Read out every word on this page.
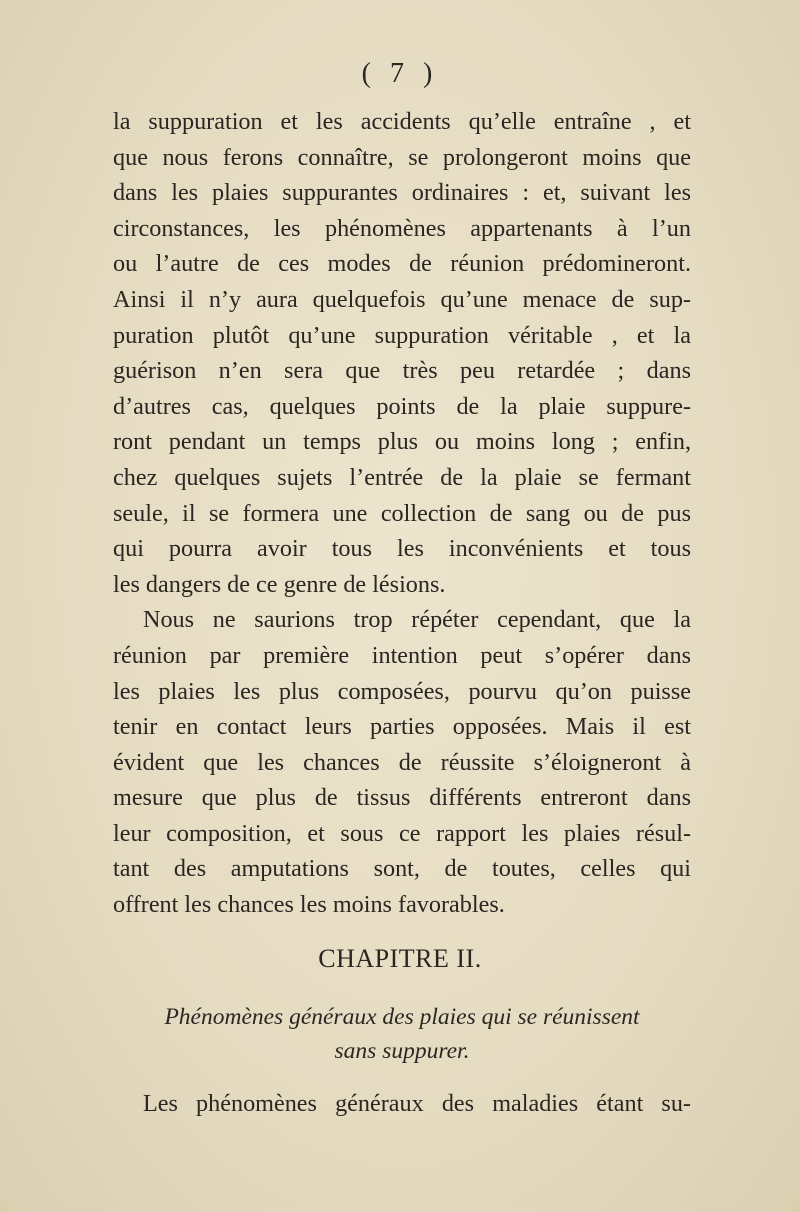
( 7 )
la suppuration et les accidents qu’elle entraîne , et
que nous ferons connaître, se prolongeront moins que
dans les plaies suppurantes ordinaires : et, suivant les
circonstances, les phénomènes appartenants à l’un
ou l’autre de ces modes de réunion prédomineront.
Ainsi il n’y aura quelquefois qu’une menace de sup-
puration plutôt qu’une suppuration véritable , et la
guérison n’en sera que très peu retardée ; dans
d’autres cas, quelques points de la plaie suppure-
ront pendant un temps plus ou moins long ; enfin,
chez quelques sujets l’entrée de la plaie se fermant
seule, il se formera une collection de sang ou de pus
qui pourra avoir tous les inconvénients et tous
les dangers de ce genre de lésions.
Nous ne saurions trop répéter cependant, que la
réunion par première intention peut s’opérer dans
les plaies les plus composées, pourvu qu’on puisse
tenir en contact leurs parties opposées. Mais il est
évident que les chances de réussite s’éloigneront à
mesure que plus de tissus différents entreront dans
leur composition, et sous ce rapport les plaies résul-
tant des amputations sont, de toutes, celles qui
offrent les chances les moins favorables.
CHAPITRE II.
Phénomènes généraux des plaies qui se réunissent
sans suppurer.
Les phénomènes généraux des maladies étant su-
